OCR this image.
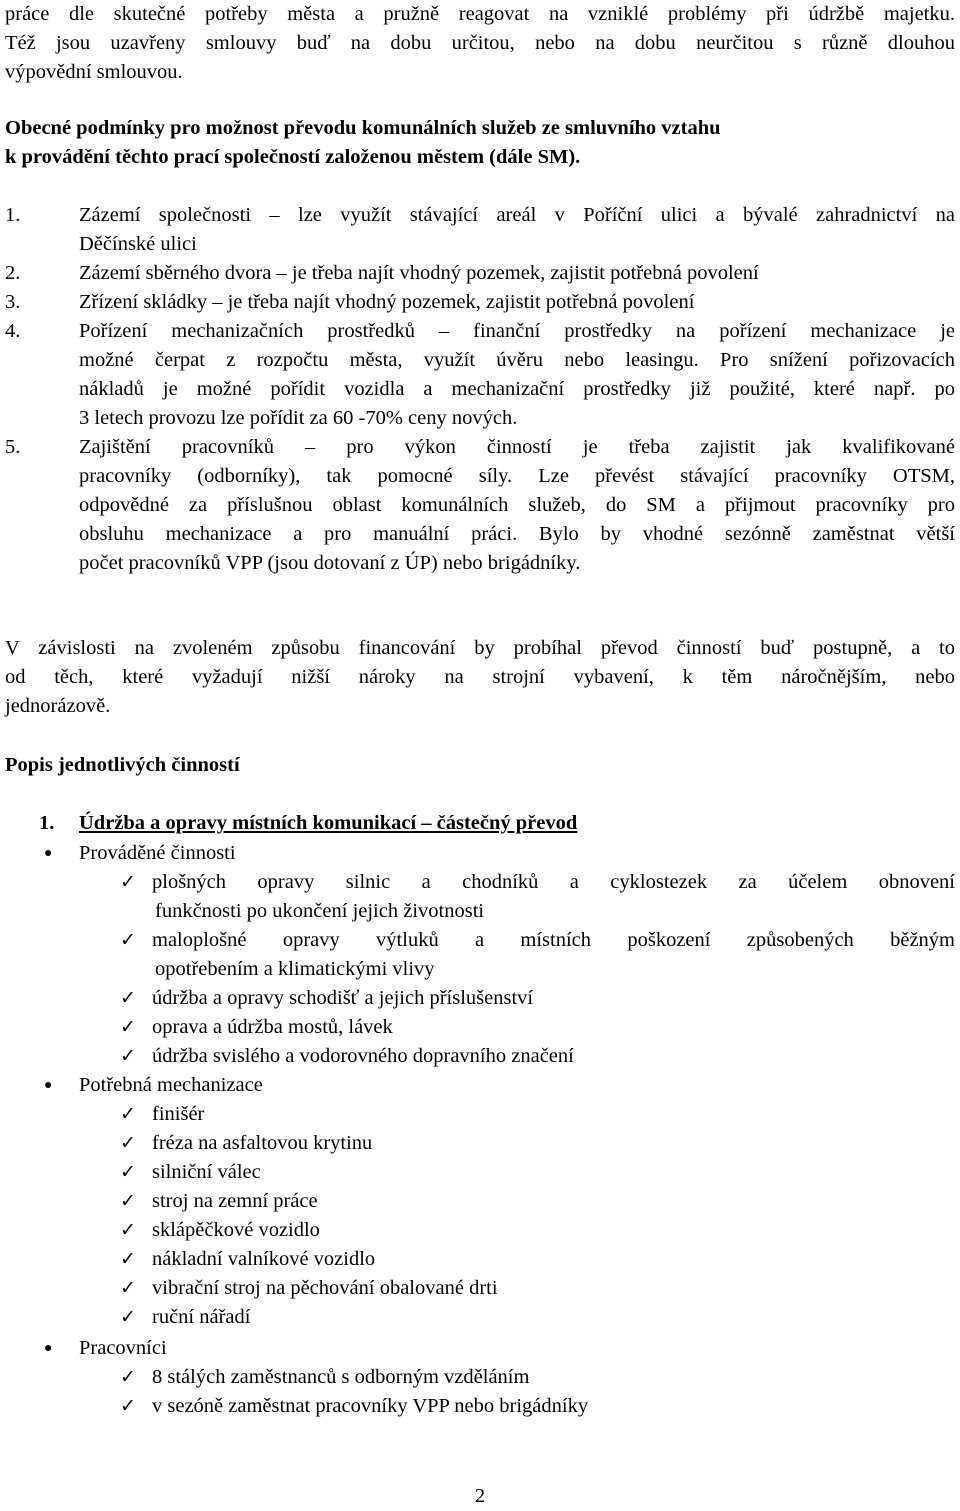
práce dle skutečné potřeby města a pružně reagovat na vzniklé problémy při údržbě majetku.
Též jsou uzavřeny smlouvy buď na dobu určitou, nebo na dobu neurčitou s různě dlouhou
výpovědní smlouvou.
Obecné podmínky pro možnost převodu komunálních služeb ze smluvního vztahu
k provádění těchto prací společností založenou městem (dále SM).
1.	Zázemí společnosti – lze využít stávající areál v Poříční ulici a bývalé zahradnictví na
Děčínské ulici
2.	Zázemí sběrného dvora – je třeba najít vhodný pozemek, zajistit potřebná povolení
3.	Zřízení skládky – je třeba najít vhodný pozemek, zajistit potřebná povolení
4.	Pořízení mechanizačních prostředků – finanční prostředky na pořízení mechanizace je
možné čerpat z rozpočtu města, využít úvěru nebo leasingu. Pro snížení pořizovacích
nákladů je možné pořídit vozidla a mechanizační prostředky již použité, které např. po
3 letech provozu lze pořídit za 60 -70% ceny nových.
5.	Zajištění pracovníků – pro výkon činností je třeba zajistit jak kvalifikované
pracovníky (odborníky), tak pomocné síly. Lze převést stávající pracovníky OTSM,
odpovědné za příslušnou oblast komunálních služeb, do SM a přijmout pracovníky pro
obsluhu mechanizace a pro manuální práci. Bylo by vhodné sezónně zaměstnat větší
počet pracovníků VPP (jsou dotovaní z ÚP) nebo brigádníky.
V závislosti na zvoleném způsobu financování by probíhal převod činností buď postupně, a to
od těch, které vyžadují nižší nároky na strojní vybavení, k těm náročnějším, nebo
jednorázově.
Popis jednotlivých činností
1. Údržba a opravy místních komunikací – částečný převod
● Prováděné činnosti
✓ plošných opravy silnic a chodníků a cyklostezek za účelem obnovení
funkčnosti po ukončení jejich životnosti
✓ maloplošné opravy výtluků a místních poškození způsobených běžným
opotřebením a klimatickými vlivy
✓ údržba a opravy schodišť a jejich příslušenství
✓ oprava a údržba mostů, lávek
✓ údržba svislého a vodorovného dopravního značení
● Potřebná mechanizace
✓ finišér
✓ fréza na asfaltovou krytinu
✓ silniční válec
✓ stroj na zemní práce
✓ sklápěčkové vozidlo
✓ nákladní valníkové vozidlo
✓ vibrační stroj na pěchování obalované drti
✓ ruční nářadí
● Pracovníci
✓ 8 stálých zaměstnanců s odborným vzděláním
✓ v sezóně zaměstnat pracovníky VPP nebo brigádníky
2
